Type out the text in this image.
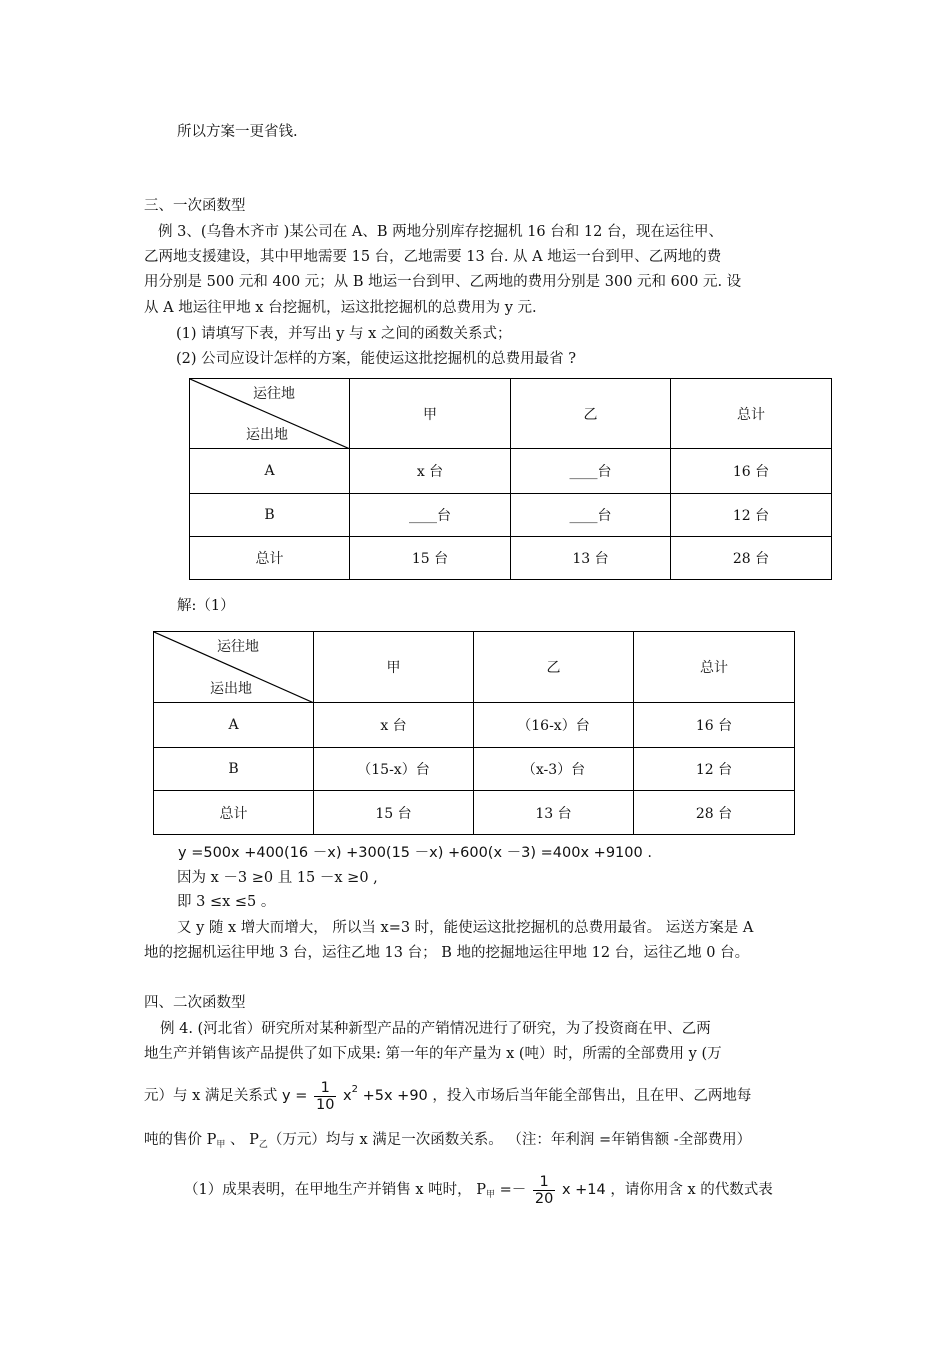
所以方案一更省钱.
三、一次函数型
例 3、(乌鲁木齐市 )某公司在 A、B 两地分别库存挖掘机 16 台和 12 台，现在运往甲、
乙两地支援建设，其中甲地需要 15 台，乙地需要 13 台. 从 A 地运一台到甲、乙两地的费
用分别是 500 元和 400 元；从 B 地运一台到甲、乙两地的费用分别是 300 元和 600 元. 设
从 A 地运往甲地 x 台挖掘机，运这批挖掘机的总费用为 y 元.
(1) 请填写下表，并写出 y 与 x 之间的函数关系式；
(2) 公司应设计怎样的方案，能使运这批挖掘机的总费用最省 ?
运往地
运出地	甲	乙	总计
A	x 台	____台	16 台
B	____台	____台	12 台
总计	15 台	13 台	28 台
解:（1）
运往地
运出地	甲	乙	总计
A	x 台	（16-x）台	16 台
B	（15-x）台	（x-3）台	12 台
总计	15 台	13 台	28 台
y =500x +400(16 －x) +300(15 －x) +600(x －3) =400x +9100 .
因为 x －3 ≥0 且 15 －x ≥0 ,
即 3 ≤x ≤5 。
又 y 随 x 增大而增大， 所以当 x=3 时，能使运这批挖掘机的总费用最省。 运送方案是 A
地的挖掘机运往甲地 3 台，运往乙地 13 台； B 地的挖掘地运往甲地 12 台，运往乙地 0 台。
四、二次函数型
例 4. (河北省）研究所对某种新型产品的产销情况进行了研究，为了投资商在甲、乙两
地生产并销售该产品提供了如下成果: 第一年的年产量为 x (吨）时，所需的全部费用 y (万
元）与 x 满足关系式 $y = \frac{1}{10} x^2 +5x +90$ ，投入市场后当年能全部售出，且在甲、乙两地每
吨的售价 $P_甲$ 、 $P_乙$（万元）均与 x 满足一次函数关系。 （注：年利润 =年销售额 -全部费用）
（1）成果表明，在甲地生产并销售 x 吨时， $P_甲 =- \frac{1}{20}$ x +14 ，请你用含 x 的代数式表
